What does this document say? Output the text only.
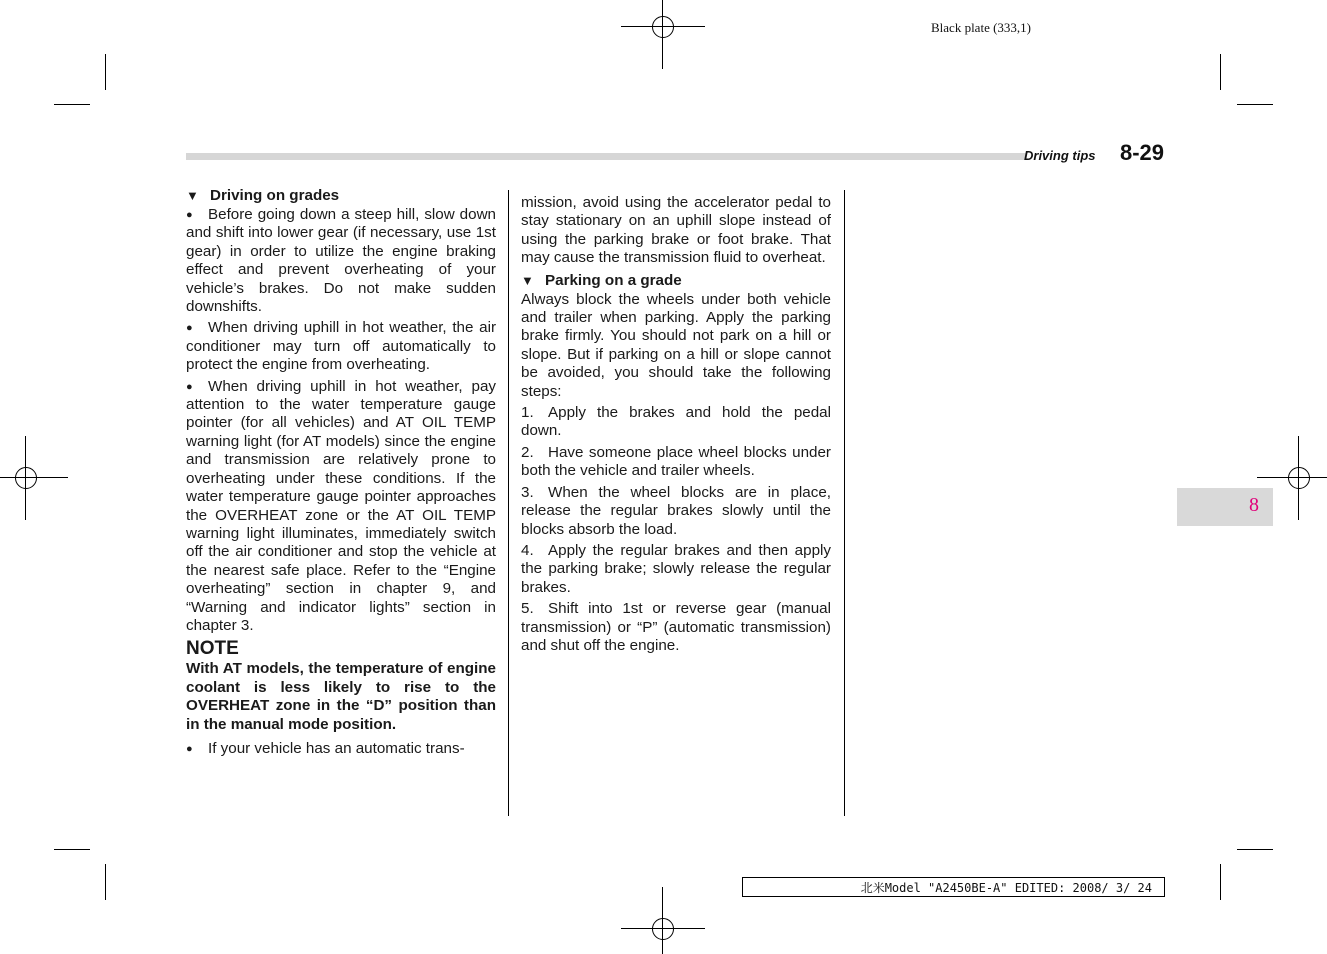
Black plate (333,1)
Driving tips 8-29
8

▼ Driving on grades

● Before going down a steep hill, slow down and shift into lower gear (if necessary, use 1st gear) in order to utilize the engine braking effect and prevent overheating of your vehicle’s brakes. Do not make sudden downshifts.

● When driving uphill in hot weather, the air conditioner may turn off automatically to protect the engine from overheating.

● When driving uphill in hot weather, pay attention to the water temperature gauge pointer (for all vehicles) and AT OIL TEMP warning light (for AT models) since the engine and transmission are relatively prone to overheating under these conditions. If the water temperature gauge pointer approaches the OVERHEAT zone or the AT OIL TEMP warning light illuminates, immediately switch off the air conditioner and stop the vehicle at the nearest safe place. Refer to the “Engine overheating” section in chapter 9, and “Warning and indicator lights” section in chapter 3.

NOTE

With AT models, the temperature of engine coolant is less likely to rise to the OVERHEAT zone in the “D” position than in the manual mode position.

● If your vehicle has an automatic trans-

mission, avoid using the accelerator pedal to stay stationary on an uphill slope instead of using the parking brake or foot brake. That may cause the transmission fluid to overheat.

▼ Parking on a grade

Always block the wheels under both vehicle and trailer when parking. Apply the parking brake firmly. You should not park on a hill or slope. But if parking on a hill or slope cannot be avoided, you should take the following steps:

1. Apply the brakes and hold the pedal down.

2. Have someone place wheel blocks under both the vehicle and trailer wheels.

3. When the wheel blocks are in place, release the regular brakes slowly until the blocks absorb the load.

4. Apply the regular brakes and then apply the parking brake; slowly release the regular brakes.

5. Shift into 1st or reverse gear (manual transmission) or “P” (automatic transmission) and shut off the engine.

北米Model "A2450BE-A" EDITED: 2008/ 3/ 24
